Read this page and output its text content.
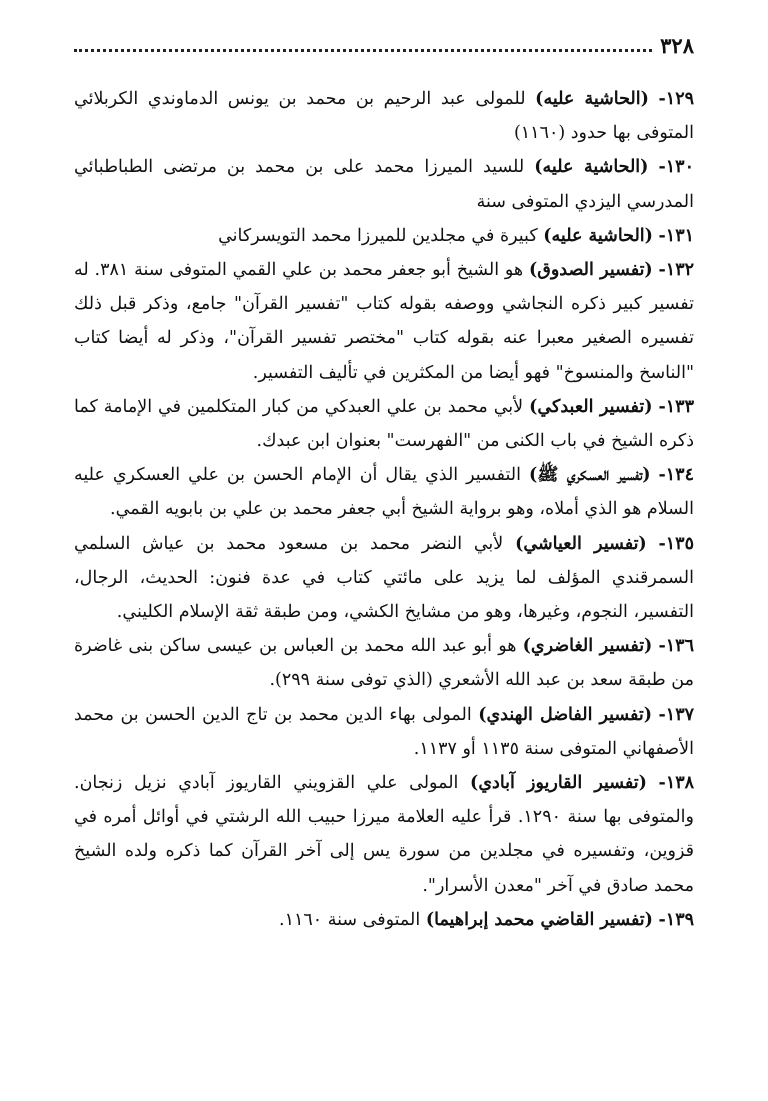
٣٢٨
١٢٩- (الحاشية عليه) للمولى عبد الرحيم بن محمد بن يونس الدماوندي الكربلائي المتوفى بها حدود (١١٦٠)
١٣٠- (الحاشية عليه) للسيد الميرزا محمد على بن محمد بن مرتضى الطباطبائي المدرسي اليزدي المتوفى سنة
١٣١- (الحاشية عليه) كبيرة في مجلدين للميرزا محمد التويسركاني
١٣٢- (تفسير الصدوق) هو الشيخ أبو جعفر محمد بن علي القمي المتوفى سنة ٣٨١. له تفسير كبير ذكره النجاشي ووصفه بقوله كتاب "تفسير القرآن" جامع، وذكر قبل ذلك تفسيره الصغير معبرا عنه بقوله كتاب "مختصر تفسير القرآن"، وذكر له أيضا كتاب "الناسخ والمنسوخ" فهو أيضا من المكثرين في تأليف التفسير.
١٣٣- (تفسير العبدكي) لأبي محمد بن علي العبدكي من كبار المتكلمين في الإمامة كما ذكره الشيخ في باب الكنى من "الفهرست" بعنوان ابن عبدك.
١٣٤- (تفسير العسكري ﷺ) التفسير الذي يقال أن الإمام الحسن بن علي العسكري عليه السلام هو الذي أملاه، وهو برواية الشيخ أبي جعفر محمد بن علي بن بابويه القمي.
١٣٥- (تفسير العياشي) لأبي النضر محمد بن مسعود محمد بن عياش السلمي السمرقندي المؤلف لما يزيد على مائتي كتاب في عدة فنون: الحديث، الرجال، التفسير، النجوم، وغيرها، وهو من مشايخ الكشي، ومن طبقة ثقة الإسلام الكليني.
١٣٦- (تفسير الغاضري) هو أبو عبد الله محمد بن العباس بن عيسى ساكن بنى غاضرة من طبقة سعد بن عبد الله الأشعري (الذي توفى سنة ٢٩٩).
١٣٧- (تفسير الفاضل الهندي) المولى بهاء الدين محمد بن تاج الدين الحسن بن محمد الأصفهاني المتوفى سنة ١١٣٥ أو ١١٣٧.
١٣٨- (تفسير القاريوز آبادي) المولى علي القزويني القاريوز آبادي نزيل زنجان. والمتوفى بها سنة ١٢٩٠. قرأ عليه العلامة ميرزا حبيب الله الرشتي في أوائل أمره في قزوين، وتفسيره في مجلدين من سورة يس إلى آخر القرآن كما ذكره ولده الشيخ محمد صادق في آخر "معدن الأسرار".
١٣٩- (تفسير القاضي محمد إبراهيما) المتوفى سنة ١١٦٠.
